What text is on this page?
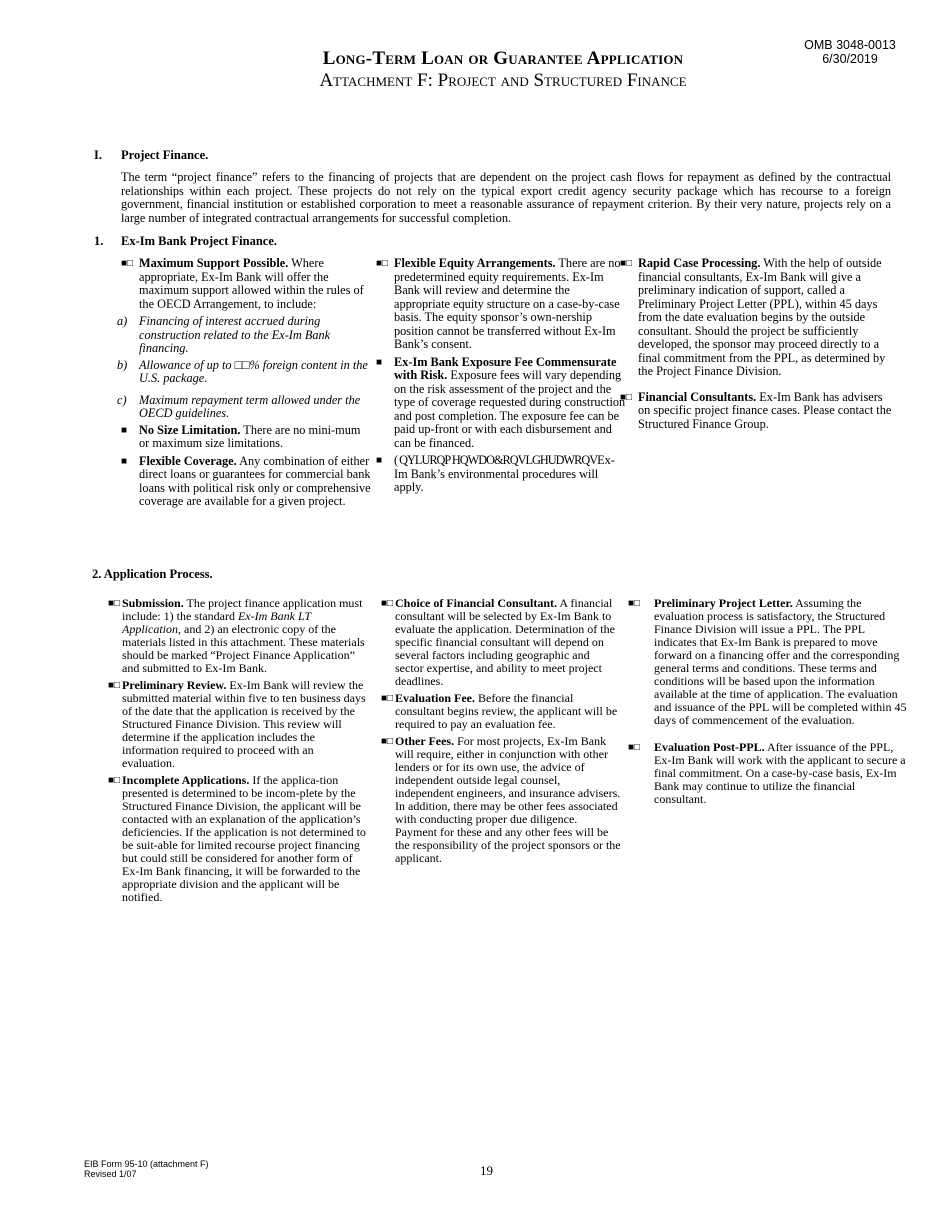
OMB 3048-0013
6/30/2019
Long-Term Loan or Guarantee Application
Attachment F: Project and Structured Finance
I. Project Finance.
The term “project finance” refers to the financing of projects that are dependent on the project cash flows for repayment as defined by the contractual relationships within each project. These projects do not rely on the typical export credit agency security package which has recourse to a foreign government, financial institution or established corporation to meet a reasonable assurance of repayment criterion. By their very nature, projects rely on a large number of integrated contractual arrangements for successful completion.
1. Ex-Im Bank Project Finance.
■□ Maximum Support Possible. Where appropriate, Ex-Im Bank will offer the maximum support allowed within the rules of the OECD Arrangement, to include:
a) Financing of interest accrued during construction related to the Ex-Im Bank financing.
b) Allowance of up to □□% foreign content in the U.S. package.
c) Maximum repayment term allowed under the OECD guidelines.
■ No Size Limitation. There are no mini-mum or maximum size limitations.
■ Flexible Coverage. Any combination of either direct loans or guarantees for commercial bank loans with political risk only or comprehensive coverage are available for a given project.
■□ Flexible Equity Arrangements. There are no predetermined equity requirements. Ex-Im Bank will review and determine the appropriate equity structure on a case-by-case basis. The equity sponsor’s own-nership position cannot be transferred without Ex-Im Bank’s consent.
■ Ex-Im Bank Exposure Fee Commensurate with Risk. Exposure fees will vary depending on the risk assessment of the project and the type of coverage requested during construction and post completion. The exposure fee can be paid up-front or with each disbursement and can be financed.
■ ( QYLURQP HQWDO&RQVLGHUDWRQVEx-Im Bank’s environmental procedures will apply.
■□ Rapid Case Processing. With the help of outside financial consultants, Ex-Im Bank will give a preliminary indication of support, called a Preliminary Project Letter (PPL), within 45 days from the date evaluation begins by the outside consultant. Should the project be sufficiently developed, the sponsor may proceed directly to a final commitment from the PPL, as determined by the Project Finance Division.
■□ Financial Consultants. Ex-Im Bank has advisers on specific project finance cases. Please contact the Structured Finance Group.
2. Application Process.
■□ Submission. The project finance application must include: 1) the standard Ex-Im Bank LT Application, and 2) an electronic copy of the materials listed in this attachment. These materials should be marked “Project Finance Application” and submitted to Ex-Im Bank.
■□ Preliminary Review. Ex-Im Bank will review the submitted material within five to ten business days of the date that the application is received by the Structured Finance Division. This review will determine if the application includes the information required to proceed with an evaluation.
■□ Incomplete Applications. If the applica-tion presented is determined to be incom-plete by the Structured Finance Division, the applicant will be contacted with an explanation of the application’s deficiencies. If the application is not determined to be suit-able for limited recourse project financing but could still be considered for another form of Ex-Im Bank financing, it will be forwarded to the appropriate division and the applicant will be notified.
■□ Choice of Financial Consultant. A financial consultant will be selected by Ex-Im Bank to evaluate the application. Determination of the specific financial consultant will depend on several factors including geographic and sector expertise, and ability to meet project deadlines.
■□ Evaluation Fee. Before the financial consultant begins review, the applicant will be required to pay an evaluation fee.
■□ Other Fees. For most projects, Ex-Im Bank will require, either in conjunction with other lenders or for its own use, the advice of independent outside legal counsel, independent engineers, and insurance advisers. In addition, there may be other fees associated with conducting proper due diligence. Payment for these and any other fees will be the responsibility of the project sponsors or the applicant.
■□ Preliminary Project Letter. Assuming the evaluation process is satisfactory, the Structured Finance Division will issue a PPL. The PPL indicates that Ex-Im Bank is prepared to move forward on a financing offer and the corresponding general terms and conditions. These terms and conditions will be based upon the information available at the time of application. The evaluation and issuance of the PPL will be completed within 45 days of commencement of the evaluation.
■□ Evaluation Post-PPL. After issuance of the PPL, Ex-Im Bank will work with the applicant to secure a final commitment. On a case-by-case basis, Ex-Im Bank may continue to utilize the financial consultant.
EIB Form 95-10 (attachment F)
Revised 1/07	19
